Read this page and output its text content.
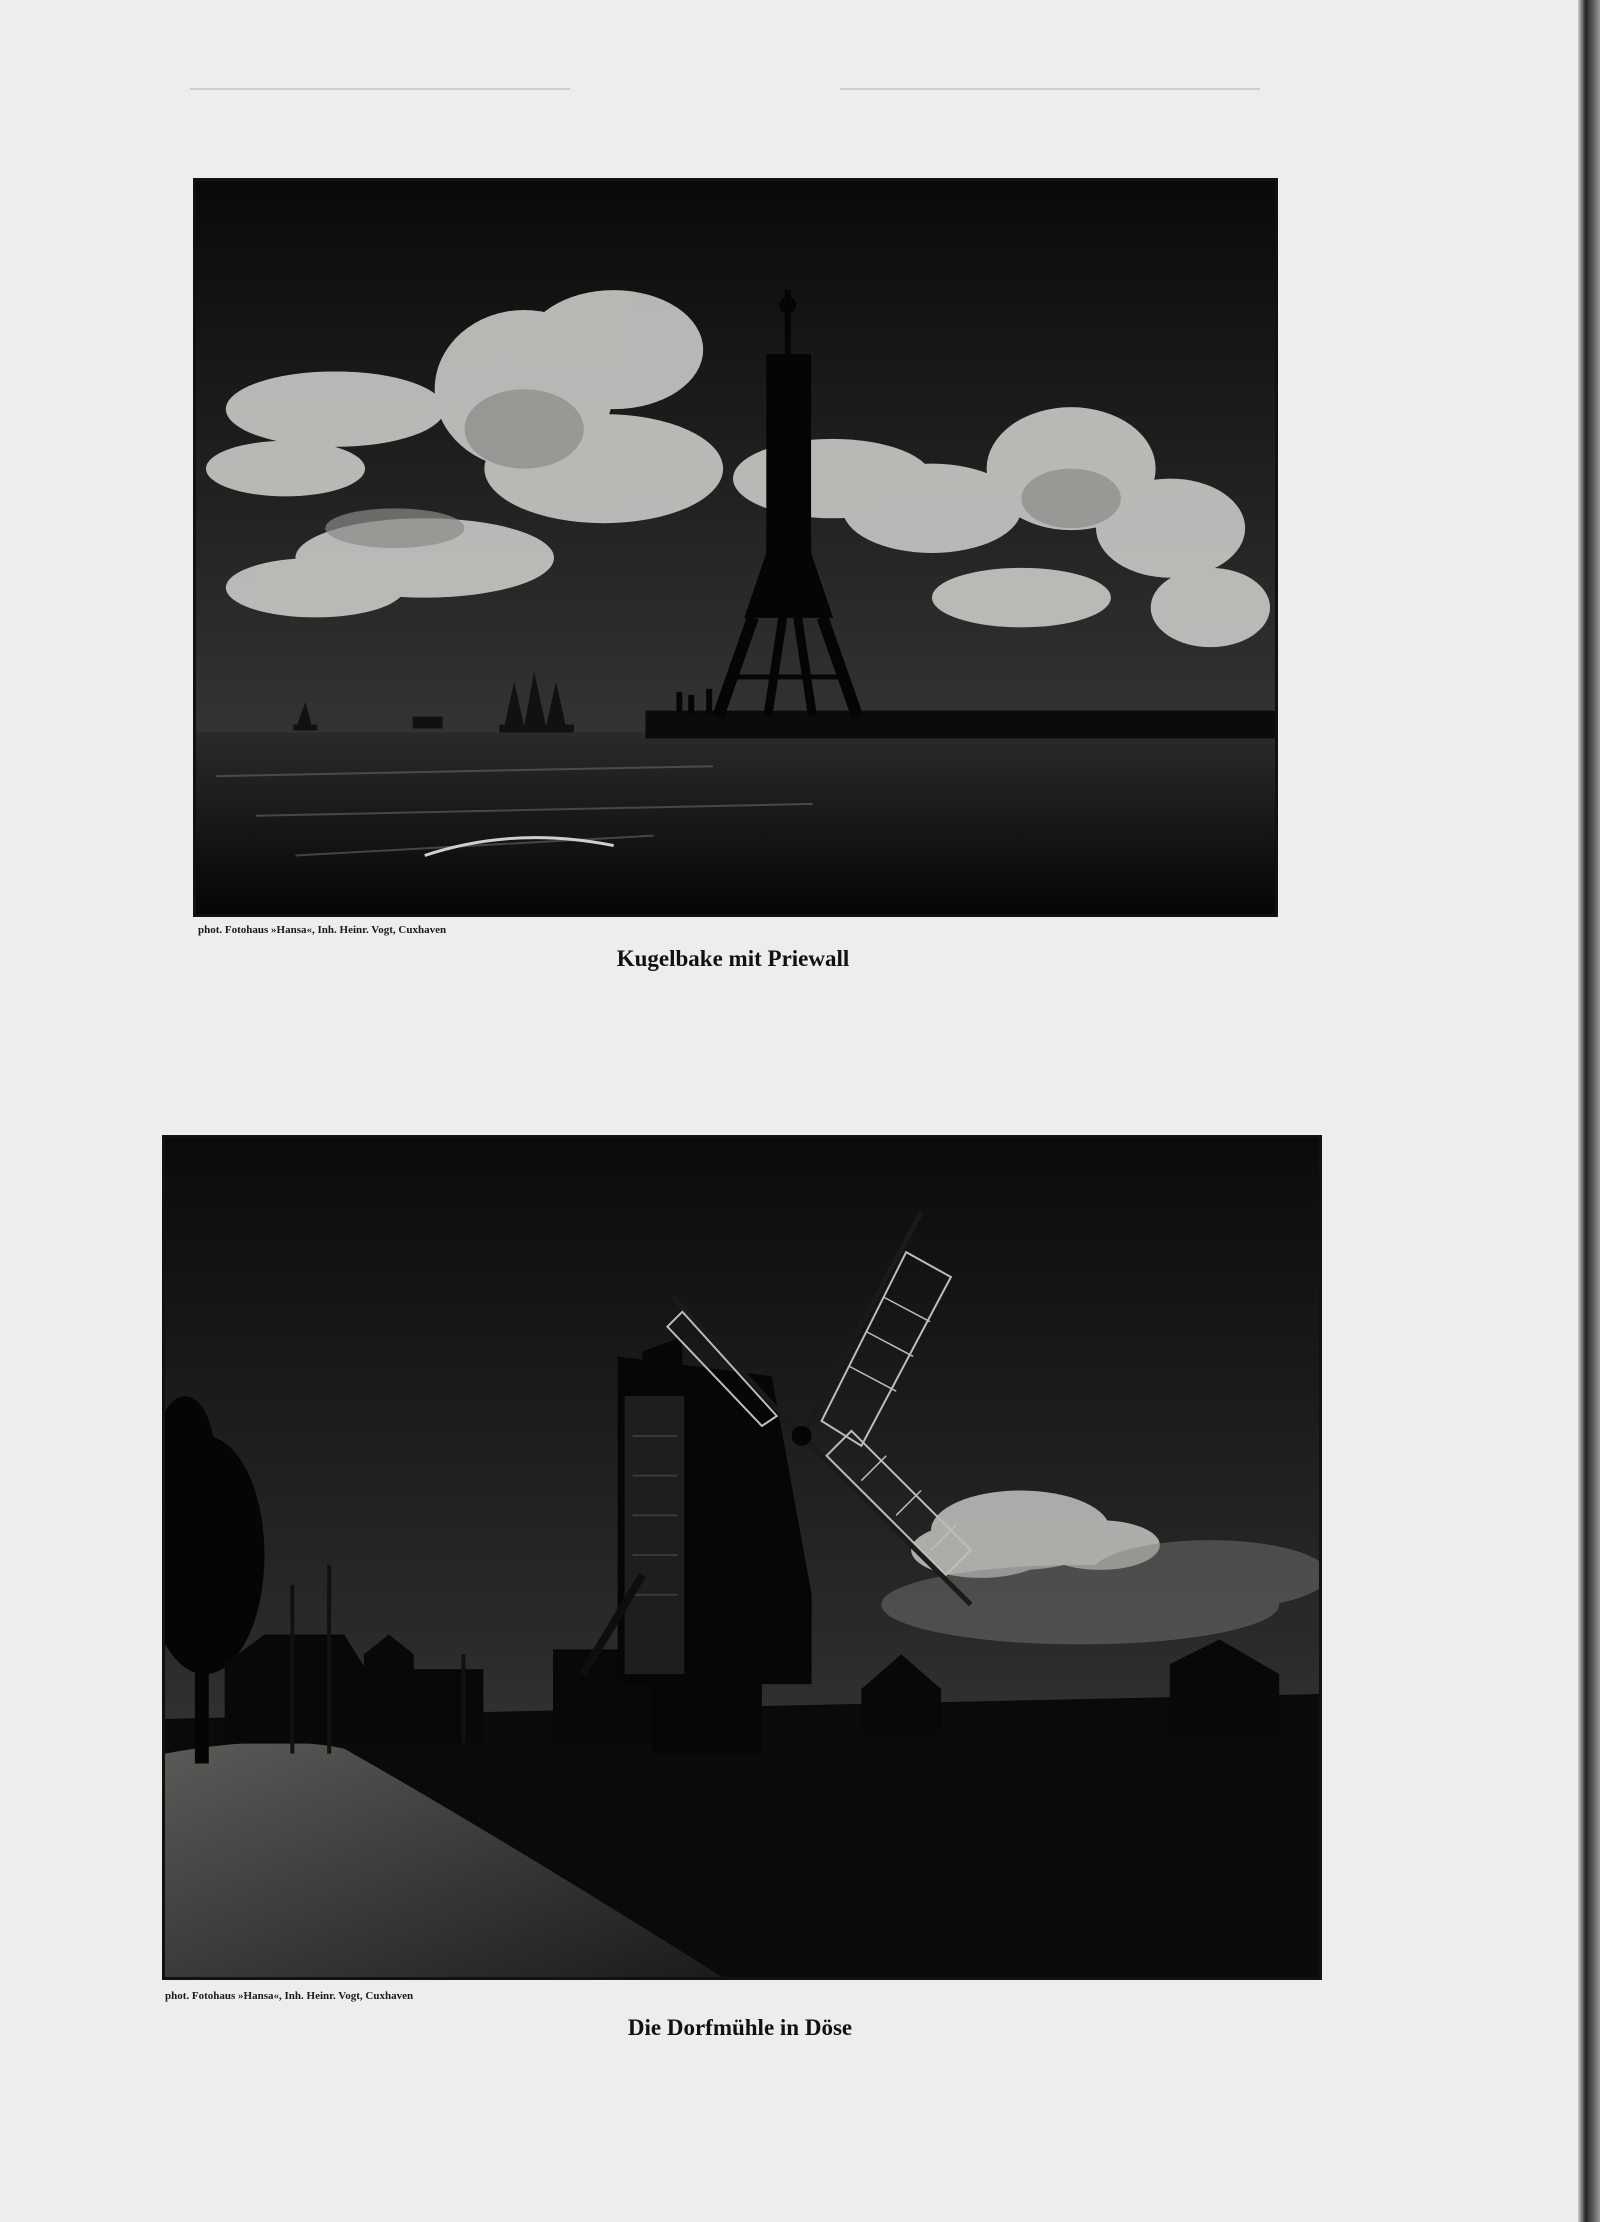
phot. Fotohaus »Hansa«, Inh. Heinr. Vogt, Cuxhaven
Kugelbake mit Priewall
phot. Fotohaus »Hansa«, Inh. Heinr. Vogt, Cuxhaven
Die Dorfmühle in Döse
